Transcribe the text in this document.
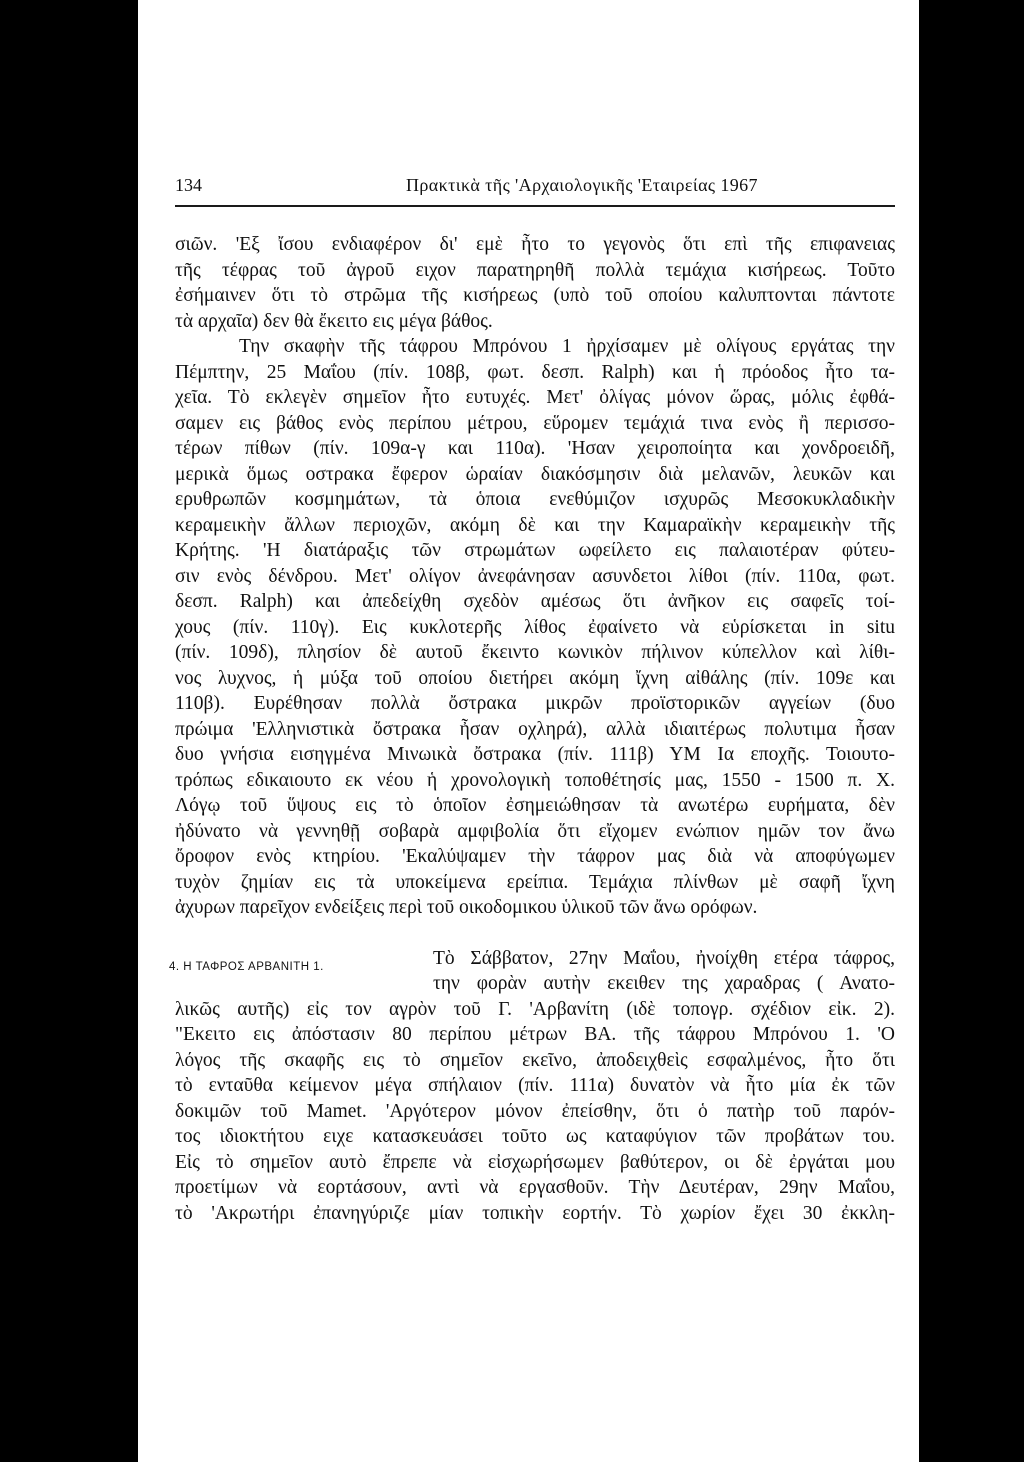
134	Πρακτικὰ τῆς 'Αρχαιολογικῆς 'Εταιρείας 1967
σιῶν. 'Εξ ἴσου ενδιαφέρον δι' εμὲ ἦτο το γεγονὸς ὅτι επὶ τῆς επιφανειας
τῆς τέφρας τοῦ ἀγροῦ ειχον παρατηρηθῆ πολλὰ τεμάχια κισήρεως. Τοῦτο
ἐσήμαινεν ὅτι τὸ στρῶμα τῆς κισήρεως (υπὸ τοῦ οποίου καλυπτονται πάντοτε
τὰ αρχαῖα) δεν θὰ ἔκειτο εις μέγα βάθος.
Την σκαφὴν τῆς τάφρου Μπρόνου 1 ἠρχίσαμεν μὲ ολίγους εργάτας την
Πέμπτην, 25 Μαΐου (πίν. 108β, φωτ. δεσπ. Ralph) και ἡ πρόοδος ἦτο τα-
χεῖα. Τὸ εκλεγὲν σημεῖον ἦτο ευτυχές. Μετ' ὀλίγας μόνον ὥρας, μόλις ἐφθά-
σαμεν εις βάθος ενὸς περίπου μέτρου, εὕρομεν τεμάχιά τινα ενὸς ἢ περισσο-
τέρων πίθων (πίν. 109α-γ και 110α). 'Ησαν χειροποίητα και χονδροειδῆ,
μερικὰ ὅμως οστρακα ἔφερον ὡραίαν διακόσμησιν διὰ μελανῶν, λευκῶν και
ερυθρωπῶν κοσμημάτων, τὰ ὁποια ενεθύμιζον ισχυρῶς Μεσοκυκλαδικὴν
κεραμεικὴν ἄλλων περιοχῶν, ακόμη δὲ και την Καμαραϊκὴν κεραμεικὴν τῆς
Κρήτης. 'Η διατάραξις τῶν στρωμάτων ωφείλετο εις παλαιοτέραν φύτευ-
σιν ενὸς δένδρου. Μετ' ολίγον ἀνεφάνησαν ασυνδετοι λίθοι (πίν. 110α, φωτ.
δεσπ. Ralph) και ἀπεδείχθη σχεδὸν αμέσως ὅτι ἀνῆκον εις σαφεῖς τοί-
χους (πίν. 110γ). Εις κυκλοτερῆς λίθος ἐφαίνετο νὰ εὑρίσκεται in situ
(πίν. 109δ), πλησίον δὲ αυτοῦ ἔκειντο κωνικὸν πήλινον κύπελλον καὶ λίθι-
νος λυχνος, ἡ μύξα τοῦ οποίου διετήρει ακόμη ἴχνη αἰθάλης (πίν. 109ε και
110β). Ευρέθησαν πολλὰ ὄστρακα μικρῶν προϊστορικῶν αγγείων (δυο
πρώιμα 'Ελληνιστικὰ ὄστρακα ἦσαν οχληρά), αλλὰ ιδιαιτέρως πολυτιμα ἦσαν
δυο γνήσια εισηγμένα Μινωικὰ ὄστρακα (πίν. 111β) ΥΜ Ια εποχῆς. Τοιουτο-
τρόπως εδικαιουτο εκ νέου ἡ χρονολογικὴ τοποθέτησίς μας, 1550 - 1500 π. Χ.
Λόγῳ τοῦ ὕψους εις τὸ ὁποῖον ἐσημειώθησαν τὰ ανωτέρω ευρήματα, δὲν
ἠδύνατο νὰ γεννηθῇ σοβαρὰ αμφιβολία ὅτι εἴχομεν ενώπιον ημῶν τον ἄνω
ὄροφον ενὸς κτηρίου. 'Εκαλύψαμεν τὴν τάφρον μας διὰ νὰ αποφύγωμεν
τυχὸν ζημίαν εις τὰ υποκείμενα ερείπια. Τεμάχια πλίνθων μὲ σαφῆ ἴχνη
ἀχυρων παρεῖχον ενδείξεις περὶ τοῦ οικοδομικου ὑλικοῦ τῶν ἄνω ορόφων.
4. Η ΤΑΦΡΟΣ ΑΡΒΑΝΙΤΗ 1.	Τὸ Σάββατον, 27ην Μαΐου, ἠνοίχθη ετέρα τάφρος,
την φορὰν αυτὴν εκειθεν της χαραδρας ( Ανατο-
λικῶς αυτῆς) εἰς τον αγρὸν τοῦ Γ. 'Αρβανίτη (ιδὲ τοπογρ. σχέδιον εἰκ. 2).
"Εκειτο εις ἀπόστασιν 80 περίπου μέτρων ΒΑ. τῆς τάφρου Μπρόνου 1. 'Ο
λόγος τῆς σκαφῆς εις τὸ σημεῖον εκεῖνο, ἀποδειχθεὶς εσφαλμένος, ἦτο ὅτι
τὸ ενταῦθα κείμενον μέγα σπήλαιον (πίν. 111α) δυνατὸν νὰ ἦτο μία ἐκ τῶν
δοκιμῶν τοῦ Mamet. 'Αργότερον μόνον ἐπείσθην, ὅτι ὁ πατὴρ τοῦ παρόν-
τος ιδιοκτήτου ειχε κατασκευάσει τοῦτο ως καταφύγιον τῶν προβάτων του.
Εἰς τὸ σημεῖον αυτὸ ἔπρεπε νὰ εἰσχωρήσωμεν βαθύτερον, οι δὲ ἐργάται μου
προετίμων νὰ εορτάσουν, αντὶ νὰ εργασθοῦν. Τὴν Δευτέραν, 29ην Μαΐου,
τὸ 'Ακρωτήρι ἐπανηγύριζε μίαν τοπικὴν εορτήν. Τὸ χωρίον ἔχει 30 ἐκκλη-
